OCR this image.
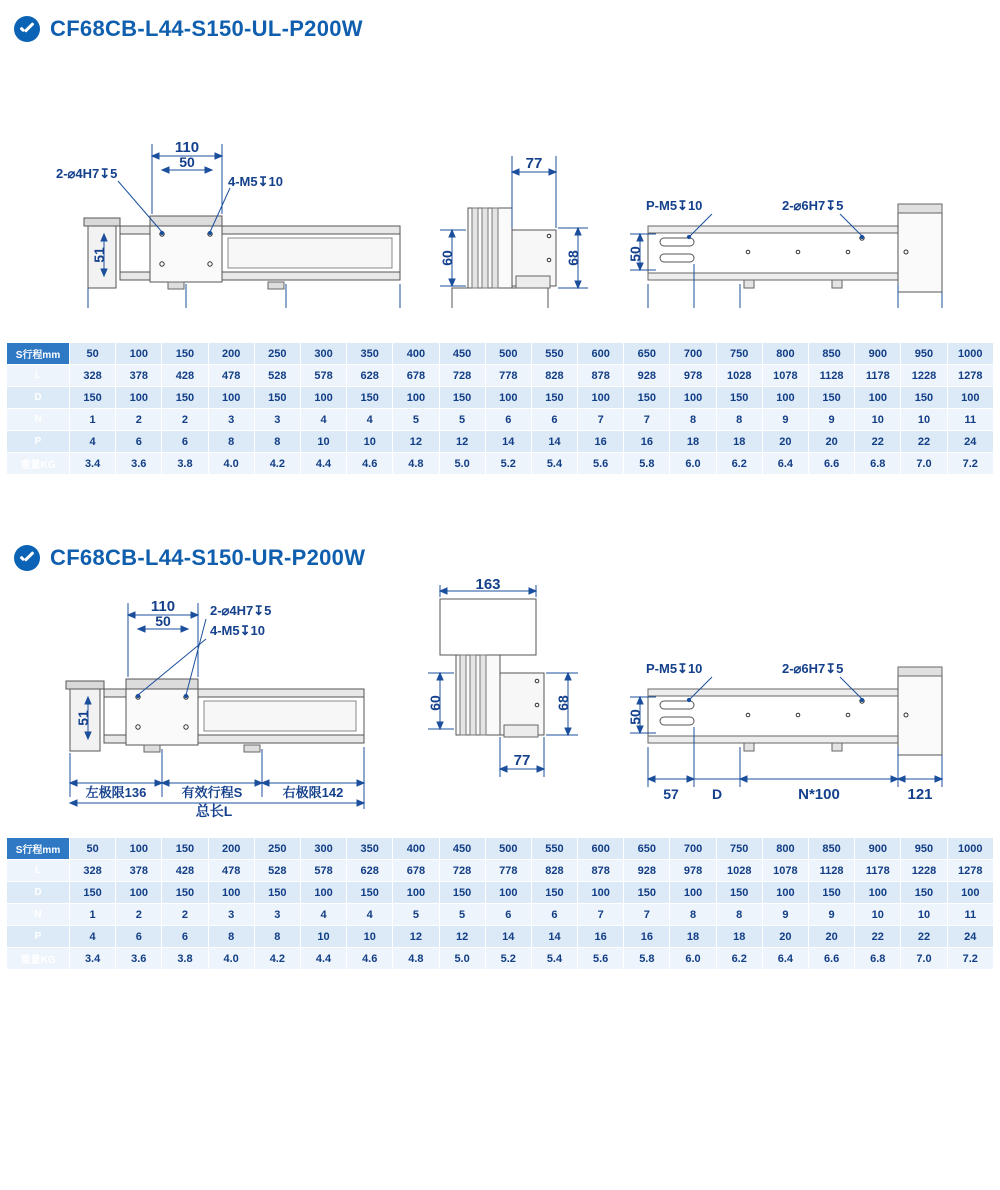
CF68CB-L44-S150-UL-P200W
110
50
2-⌀4H7↧5
4-M5↧10
51
77
60	68
P-M5↧10	2-⌀6H7↧5
50
S行程mm	50	100	150	200	250	300	350	400	450	500	550	600	650	700	750	800	850	900	950	1000
L	328	378	428	478	528	578	628	678	728	778	828	878	928	978	1028	1078	1128	1178	1228	1278
D	150	100	150	100	150	100	150	100	150	100	150	100	150	100	150	100	150	100	150	100
N	1	2	2	3	3	4	4	5	5	6	6	7	7	8	8	9	9	10	10	11
P	4	6	6	8	8	10	10	12	12	14	14	16	16	18	18	20	20	22	22	24
重量KG	3.4	3.6	3.8	4.0	4.2	4.4	4.6	4.8	5.0	5.2	5.4	5.6	5.8	6.0	6.2	6.4	6.6	6.8	7.0	7.2
CF68CB-L44-S150-UR-P200W
110
50
2-⌀4H7↧5
4-M5↧10
51
左极限136	有效行程S	右极限142
总长L
163
60	68
77
P-M5↧10	2-⌀6H7↧5
50
57 D	N*100	121
S行程mm	50	100	150	200	250	300	350	400	450	500	550	600	650	700	750	800	850	900	950	1000
L	328	378	428	478	528	578	628	678	728	778	828	878	928	978	1028	1078	1128	1178	1228	1278
D	150	100	150	100	150	100	150	100	150	100	150	100	150	100	150	100	150	100	150	100
N	1	2	2	3	3	4	4	5	5	6	6	7	7	8	8	9	9	10	10	11
P	4	6	6	8	8	10	10	12	12	14	14	16	16	18	18	20	20	22	22	24
重量KG	3.4	3.6	3.8	4.0	4.2	4.4	4.6	4.8	5.0	5.2	5.4	5.6	5.8	6.0	6.2	6.4	6.6	6.8	7.0	7.2
